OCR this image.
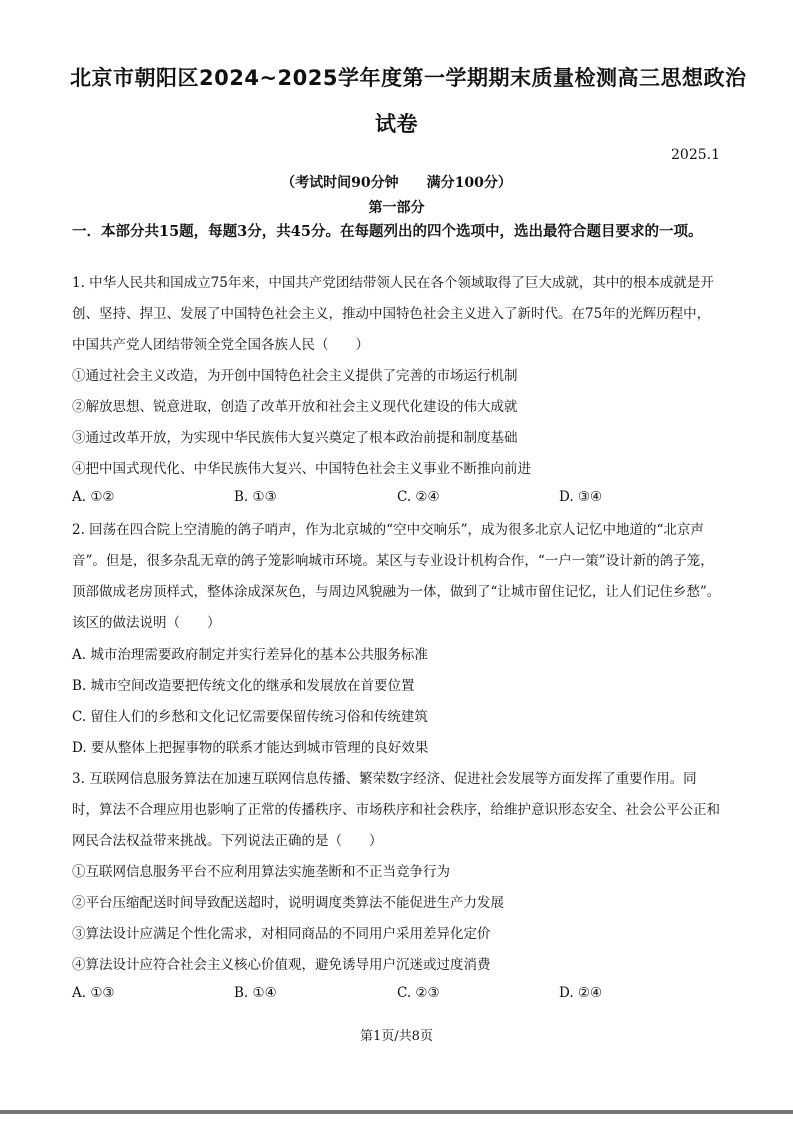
北京市朝阳区2024~2025学年度第一学期期末质量检测高三思想政治
试卷
2025.1
（考试时间90分钟　　满分100分）
第一部分
一．本部分共15题，每题3分，共45分。在每题列出的四个选项中，选出最符合题目要求的一项。
1. 中华人民共和国成立75年来，中国共产党团结带领人民在各个领域取得了巨大成就，其中的根本成就是开创、坚持、捍卫、发展了中国特色社会主义，推动中国特色社会主义进入了新时代。在75年的光辉历程中，中国共产党人团结带领全党全国各族人民（　　）
①通过社会主义改造，为开创中国特色社会主义提供了完善的市场运行机制
②解放思想、锐意进取，创造了改革开放和社会主义现代化建设的伟大成就
③通过改革开放，为实现中华民族伟大复兴奠定了根本政治前提和制度基础
④把中国式现代化、中华民族伟大复兴、中国特色社会主义事业不断推向前进
A. ①②	B. ①③	C. ②④	D. ③④
2. 回荡在四合院上空清脆的鸽子哨声，作为北京城的“空中交响乐”，成为很多北京人记忆中地道的“北京声音”。但是，很多杂乱无章的鸽子笼影响城市环境。某区与专业设计机构合作，“一户一策”设计新的鸽子笼，顶部做成老房顶样式，整体涂成深灰色，与周边风貌融为一体，做到了“让城市留住记忆，让人们记住乡愁”。该区的做法说明（　　）
A. 城市治理需要政府制定并实行差异化的基本公共服务标准
B. 城市空间改造要把传统文化的继承和发展放在首要位置
C. 留住人们的乡愁和文化记忆需要保留传统习俗和传统建筑
D. 要从整体上把握事物的联系才能达到城市管理的良好效果
3. 互联网信息服务算法在加速互联网信息传播、繁荣数字经济、促进社会发展等方面发挥了重要作用。同时，算法不合理应用也影响了正常的传播秩序、市场秩序和社会秩序，给维护意识形态安全、社会公平公正和网民合法权益带来挑战。下列说法正确的是（　　）
①互联网信息服务平台不应利用算法实施垄断和不正当竞争行为
②平台压缩配送时间导致配送超时，说明调度类算法不能促进生产力发展
③算法设计应满足个性化需求，对相同商品的不同用户采用差异化定价
④算法设计应符合社会主义核心价值观，避免诱导用户沉迷或过度消费
A. ①③	B. ①④	C. ②③	D. ②④
第1页/共8页
